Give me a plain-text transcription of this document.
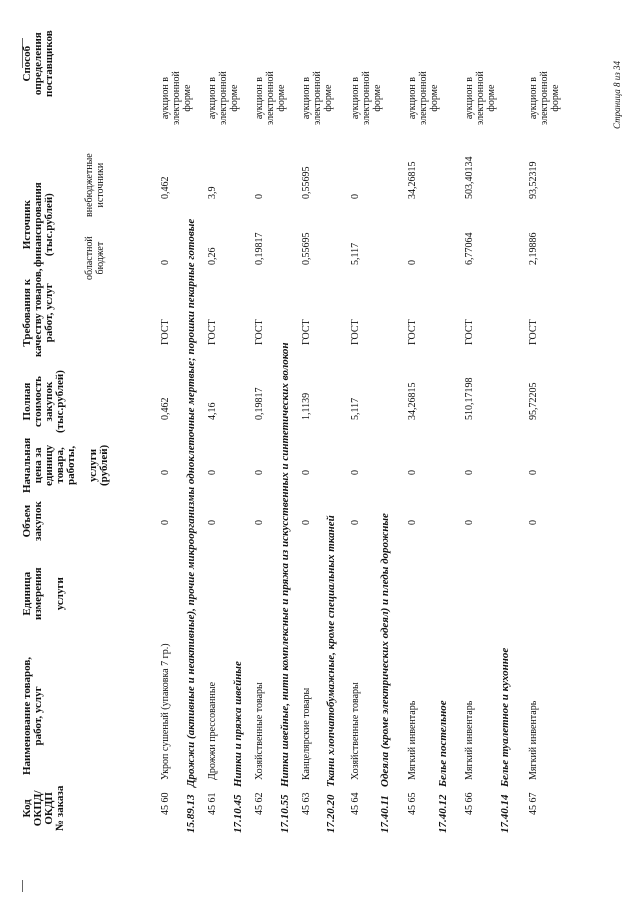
Код
ОКПД/
ОКДП
№ заказа
Наименование товаров,
работ, услуг
Единица
измерения

услуги
Объем
закупок
Начальная
цена за
единицу
товара,
работы,

услуги
(рублей)
Полная
стоимость
закупок
(тыс.рублей)
Требования к
качеству товаров,
работ, услуг
Источник
финансирования
(тыс.рублей)
областной
бюджет
внебюджетные
источники
Способ
определения
поставщиков
45 60
Укроп сушеный (упаковка 7 гр.)
0
0
0,462
ГОСТ
0
0,462
аукцион в
электронной
форме
15.89.13
Дрожжи (активные и неактивные), прочие микроорганизмы одноклеточные мертвые; порошки пекарные готовые
45 61
Дрожжи прессованные
0
0
4,16
ГОСТ
0,26
3,9
аукцион в
электронной
форме
17.10.45
Нитки и пряжа швейные
45 62
Хозяйственные товары
0
0
0,19817
ГОСТ
0,19817
0
аукцион в
электронной
форме
17.10.55
Нитки швейные, нити комплексные и пряжа из искусственных и синтетических волокон
45 63
Канцелярские товары
0
0
1,1139
ГОСТ
0,55695
0,55695
аукцион в
электронной
форме
17.20.20
Ткани хлопчатобумажные, кроме специальных тканей
45 64
Хозяйственные товары
0
0
5,117
ГОСТ
5,117
0
аукцион в
электронной
форме
17.40.11
Одеяла (кроме электрических одеял) и пледы дорожные
45 65
Мягкий инвентарь
0
0
34,26815
ГОСТ
0
34,26815
аукцион в
электронной
форме
17.40.12
Белье постельное
45 66
Мягкий инвентарь
0
0
510,17198
ГОСТ
6,77064
503,40134
аукцион в
электронной
форме
17.40.14
Белье туалетное и кухонное
45 67
Мягкий инвентарь
0
0
95,72205
ГОСТ
2,19886
93,52319
аукцион в
электронной
форме	Страница 8 из 34
